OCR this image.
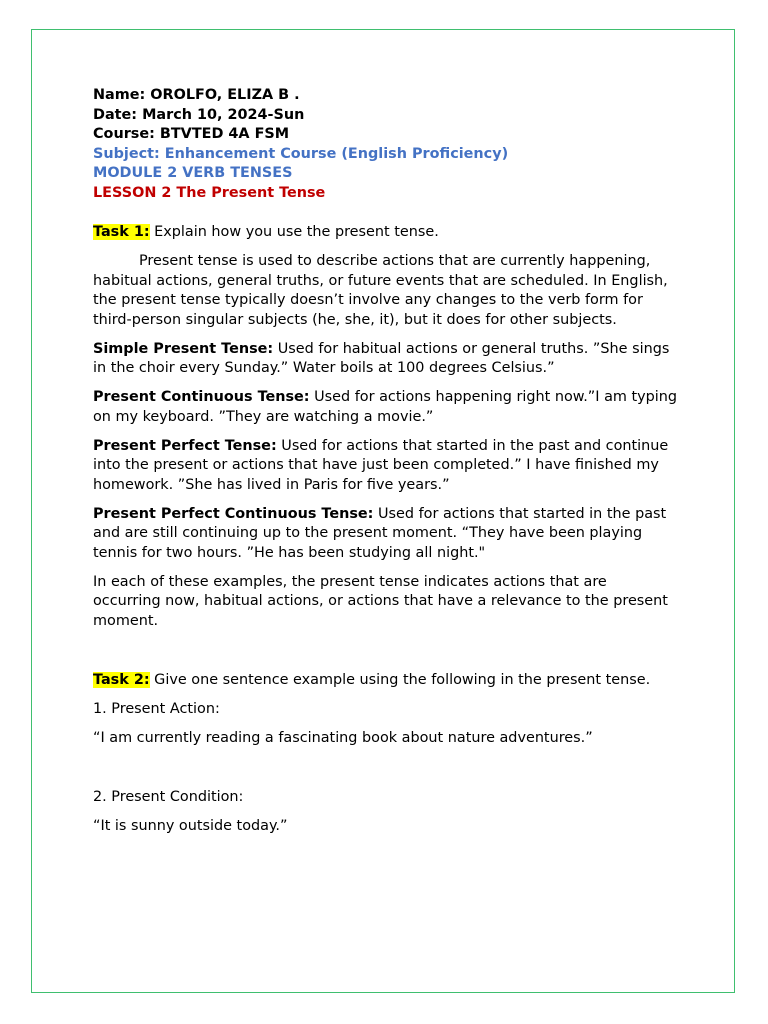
Name: OROLFO, ELIZA B .
Date: March 10, 2024-Sun
Course: BTVTED 4A FSM
Subject: Enhancement Course (English Proficiency)
MODULE 2 VERB TENSES
LESSON 2 The Present Tense

Task 1: Explain how you use the present tense.

Present tense is used to describe actions that are currently happening, habitual actions, general truths, or future events that are scheduled. In English, the present tense typically doesn’t involve any changes to the verb form for third-person singular subjects (he, she, it), but it does for other subjects.

Simple Present Tense: Used for habitual actions or general truths. ”She sings in the choir every Sunday.” Water boils at 100 degrees Celsius.”

Present Continuous Tense: Used for actions happening right now.”I am typing on my keyboard. ”They are watching a movie.”

Present Perfect Tense: Used for actions that started in the past and continue into the present or actions that have just been completed.” I have finished my homework. ”She has lived in Paris for five years.”

Present Perfect Continuous Tense: Used for actions that started in the past and are still continuing up to the present moment. “They have been playing tennis for two hours. ”He has been studying all night."

In each of these examples, the present tense indicates actions that are occurring now, habitual actions, or actions that have a relevance to the present moment.

Task 2: Give one sentence example using the following in the present tense.

1. Present Action:

“I am currently reading a fascinating book about nature adventures.”

2. Present Condition:

“It is sunny outside today.”
